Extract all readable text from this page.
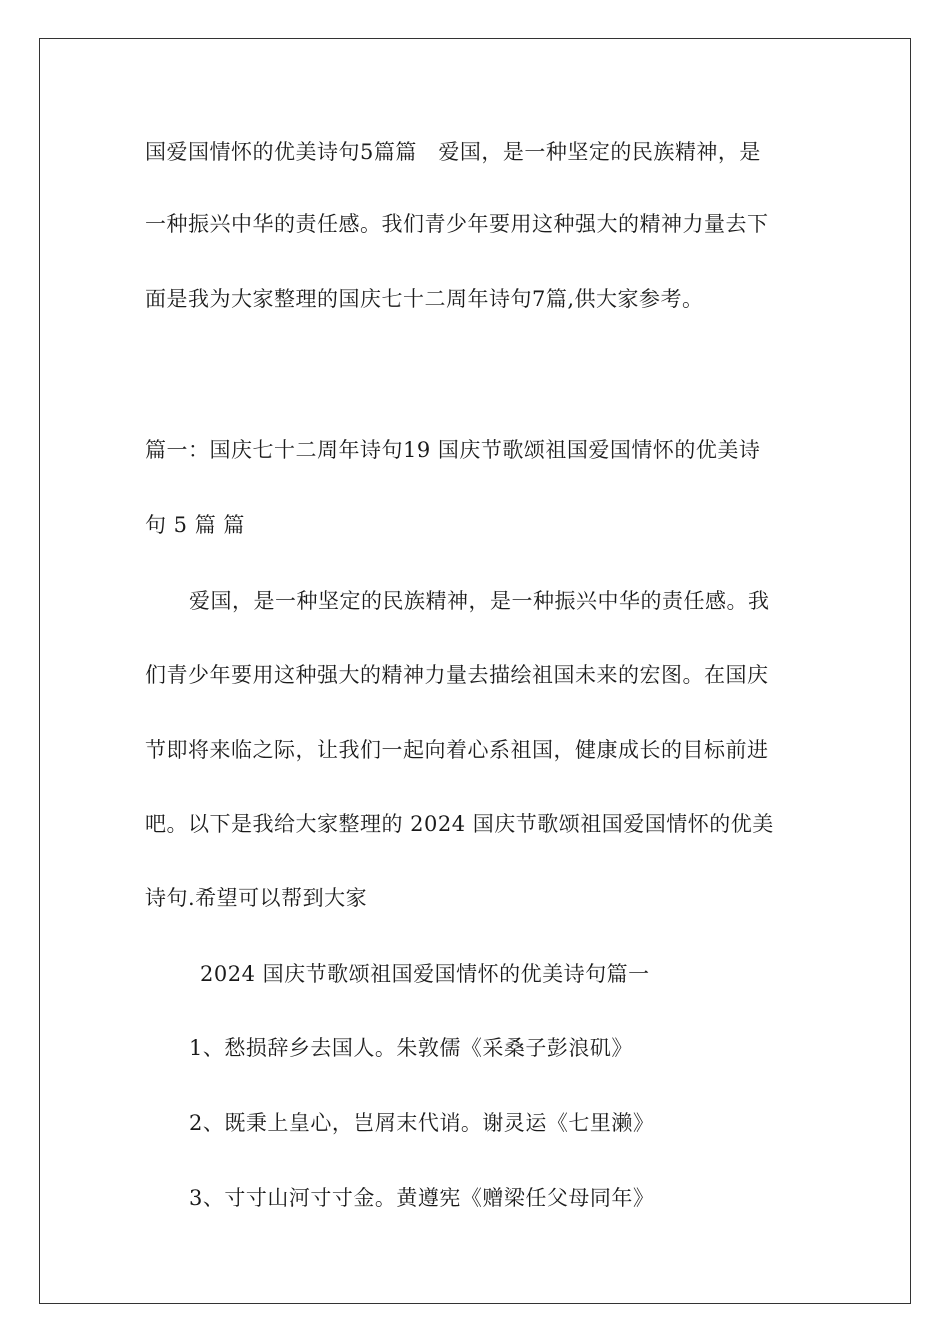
国爱国情怀的优美诗句5篇篇　爱国，是一种坚定的民族精神，是
一种振兴中华的责任感。我们青少年要用这种强大的精神力量去下
面是我为大家整理的国庆七十二周年诗句7篇,供大家参考。
篇一：国庆七十二周年诗句19 国庆节歌颂祖国爱国情怀的优美诗
句 5 篇 篇
爱国，是一种坚定的民族精神，是一种振兴中华的责任感。我
们青少年要用这种强大的精神力量去描绘祖国未来的宏图。在国庆
节即将来临之际，让我们一起向着心系祖国，健康成长的目标前进
吧。以下是我给大家整理的 2024 国庆节歌颂祖国爱国情怀的优美
诗句.希望可以帮到大家
2024 国庆节歌颂祖国爱国情怀的优美诗句篇一
1、愁损辞乡去国人。朱敦儒《采桑子彭浪矶》
2、既秉上皇心，岂屑末代诮。谢灵运《七里濑》
3、寸寸山河寸寸金。黄遵宪《赠梁任父母同年》
